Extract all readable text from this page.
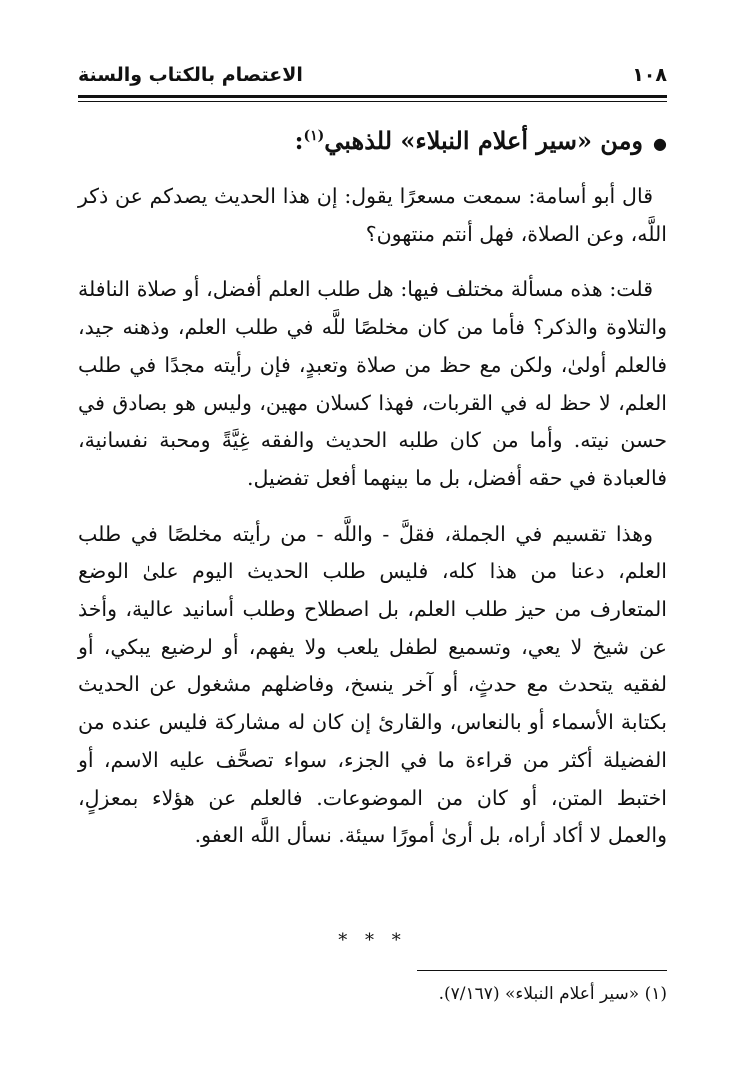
١٠٨
الاعتصام بالكتاب والسنة
●
ومن «سير أعلام النبلاء» للذهبي$^{(١)}$:

قال أبو أسامة: سمعت مسعرًا يقول: إن هذا الحديث يصدكم عن ذكر اللَّه، وعن الصلاة، فهل أنتم منتهون؟

قلت: هذه مسألة مختلف فيها: هل طلب العلم أفضل، أو صلاة النافلة والتلاوة والذكر؟ فأما من كان مخلصًا للَّه في طلب العلم، وذهنه جيد، فالعلم أولىٰ، ولكن مع حظ من صلاة وتعبدٍ، فإن رأيته مجدًا في طلب العلم، لا حظ له في القربات، فهذا كسلان مهين، وليس هو بصادق في حسن نيته. وأما من كان طلبه الحديث والفقه غِيَّةً ومحبة نفسانية، فالعبادة في حقه أفضل، بل ما بينهما أفعل تفضيل.

وهذا تقسيم في الجملة، فقلَّ - واللَّه - من رأيته مخلصًا في طلب العلم، دعنا من هذا كله، فليس طلب الحديث اليوم علىٰ الوضع المتعارف من حيز طلب العلم، بل اصطلاح وطلب أسانيد عالية، وأخذ عن شيخ لا يعي، وتسميع لطفل يلعب ولا يفهم، أو لرضيع يبكي، أو لفقيه يتحدث مع حدثٍ، أو آخر ينسخ، وفاضلهم مشغول عن الحديث بكتابة الأسماء أو بالنعاس، والقارئ إن كان له مشاركة فليس عنده من الفضيلة أكثر من قراءة ما في الجزء، سواء تصحَّف عليه الاسم، أو اختبط المتن، أو كان من الموضوعات. فالعلم عن هؤلاء بمعزلٍ، والعمل لا أكاد أراه، بل أرىٰ أمورًا سيئة. نسأل اللَّه العفو.

* * *
(١) «سير أعلام النبلاء» (٧/١٦٧).
